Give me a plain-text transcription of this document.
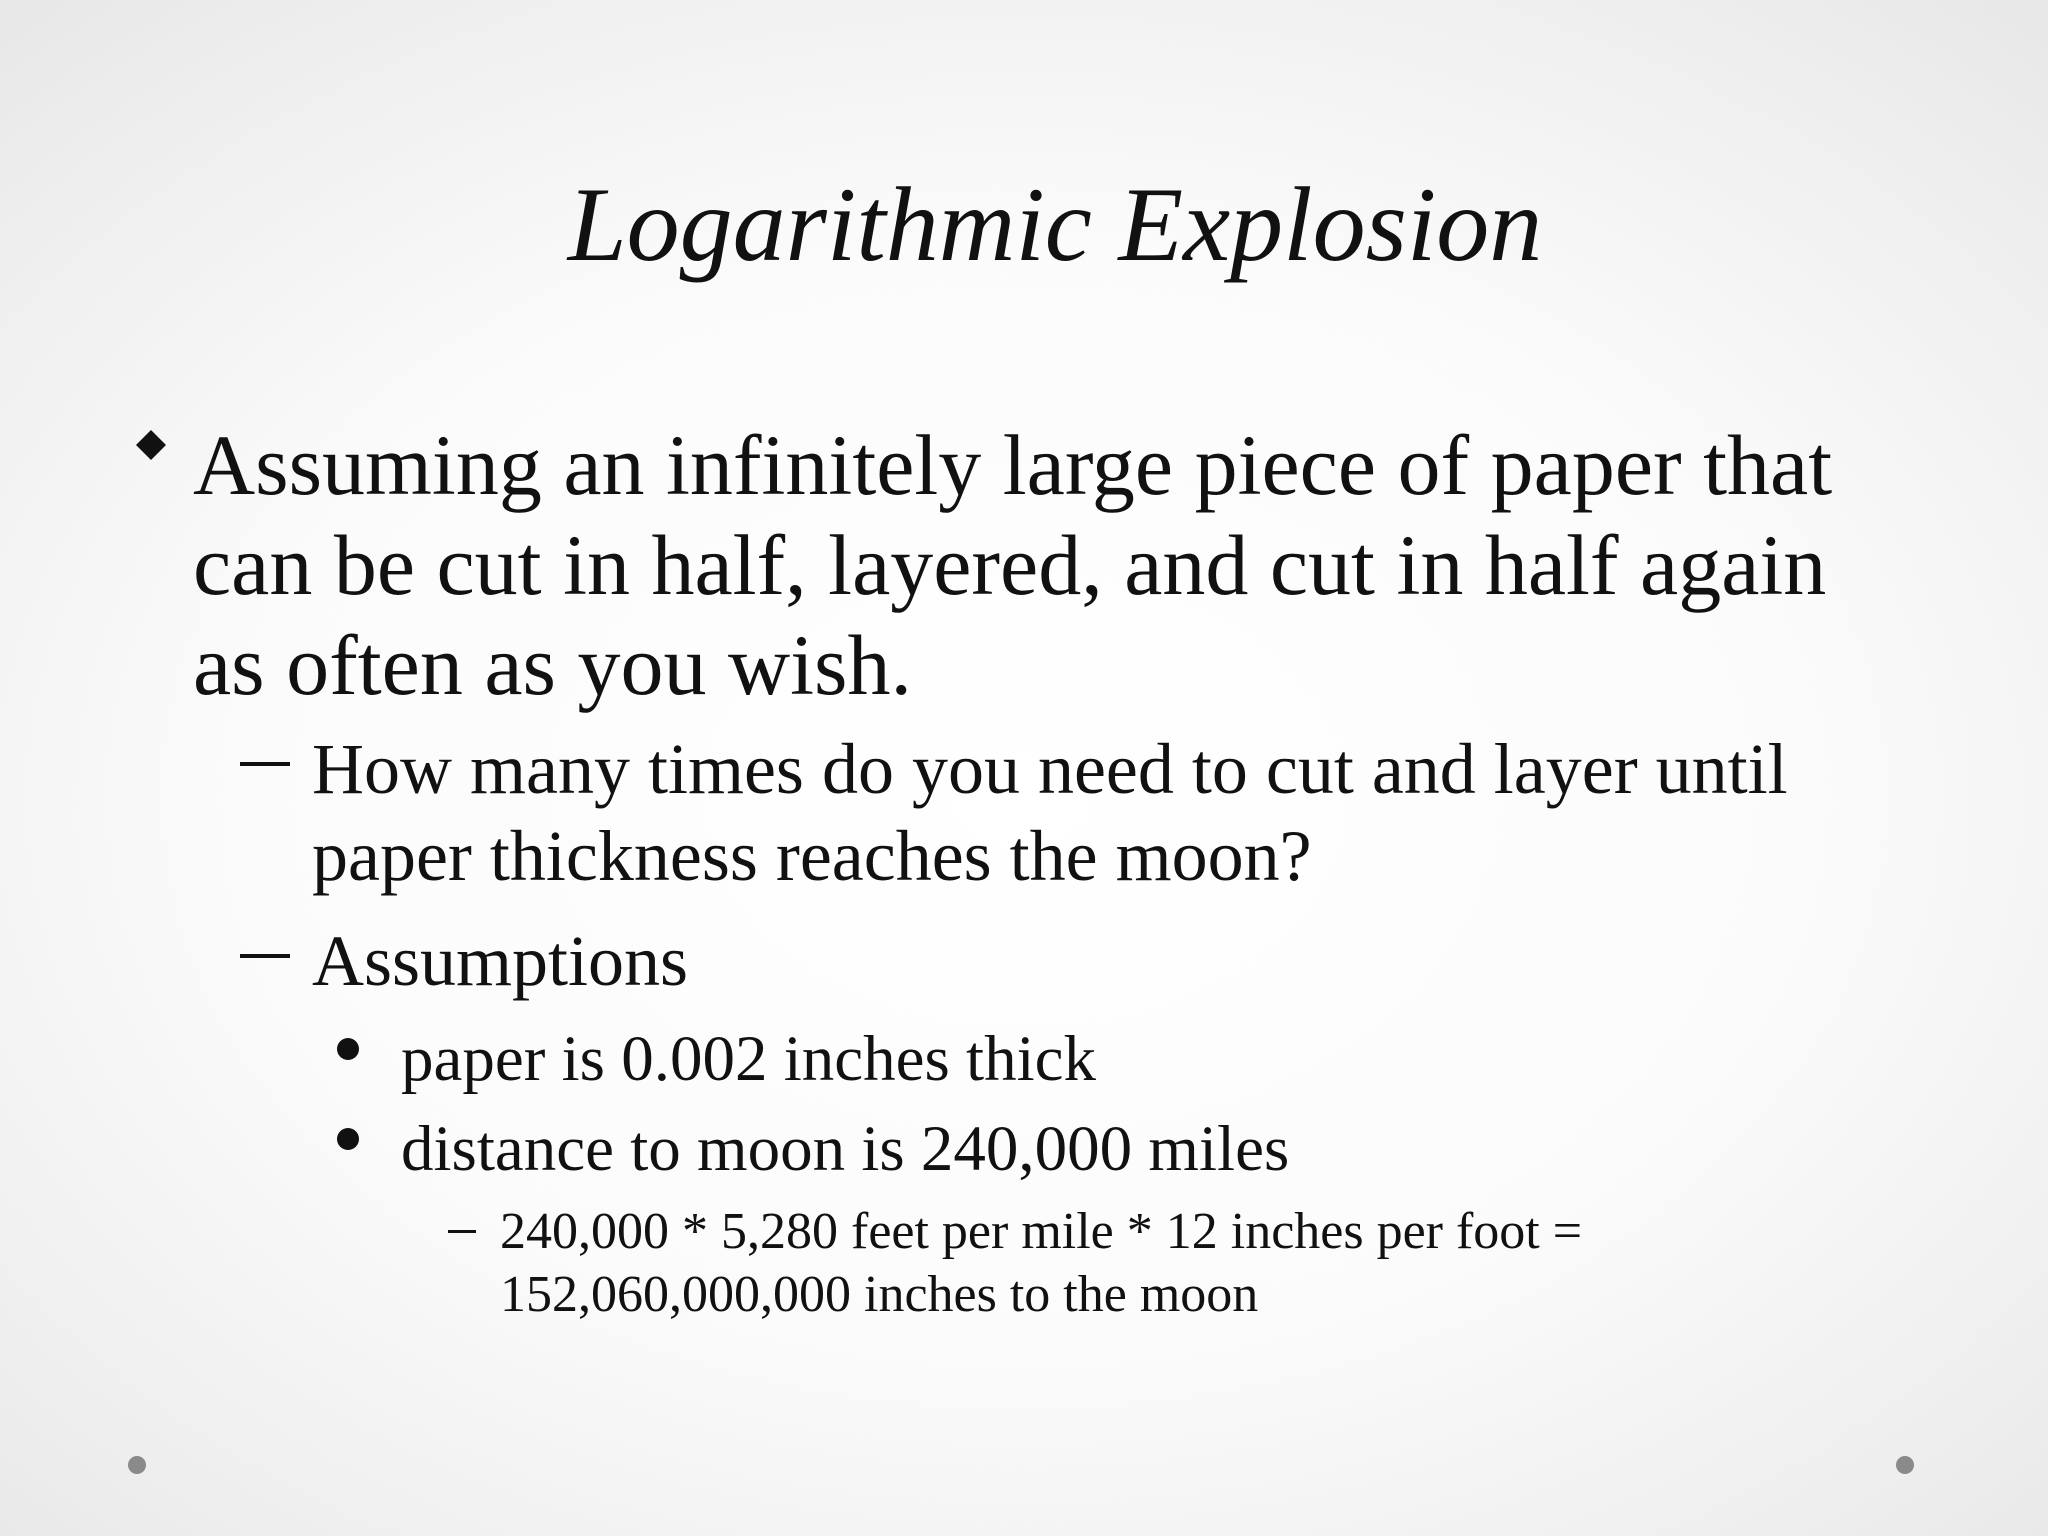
Logarithmic Explosion
Assuming an infinitely large piece of paper that can be cut in half, layered, and cut in half again as often as you wish.
How many times do you need to cut and layer until paper thickness reaches the moon?
Assumptions
paper is 0.002 inches thick
distance to moon is 240,000 miles
240,000 * 5,280 feet per mile * 12 inches per foot = 152,060,000,000 inches to the moon
